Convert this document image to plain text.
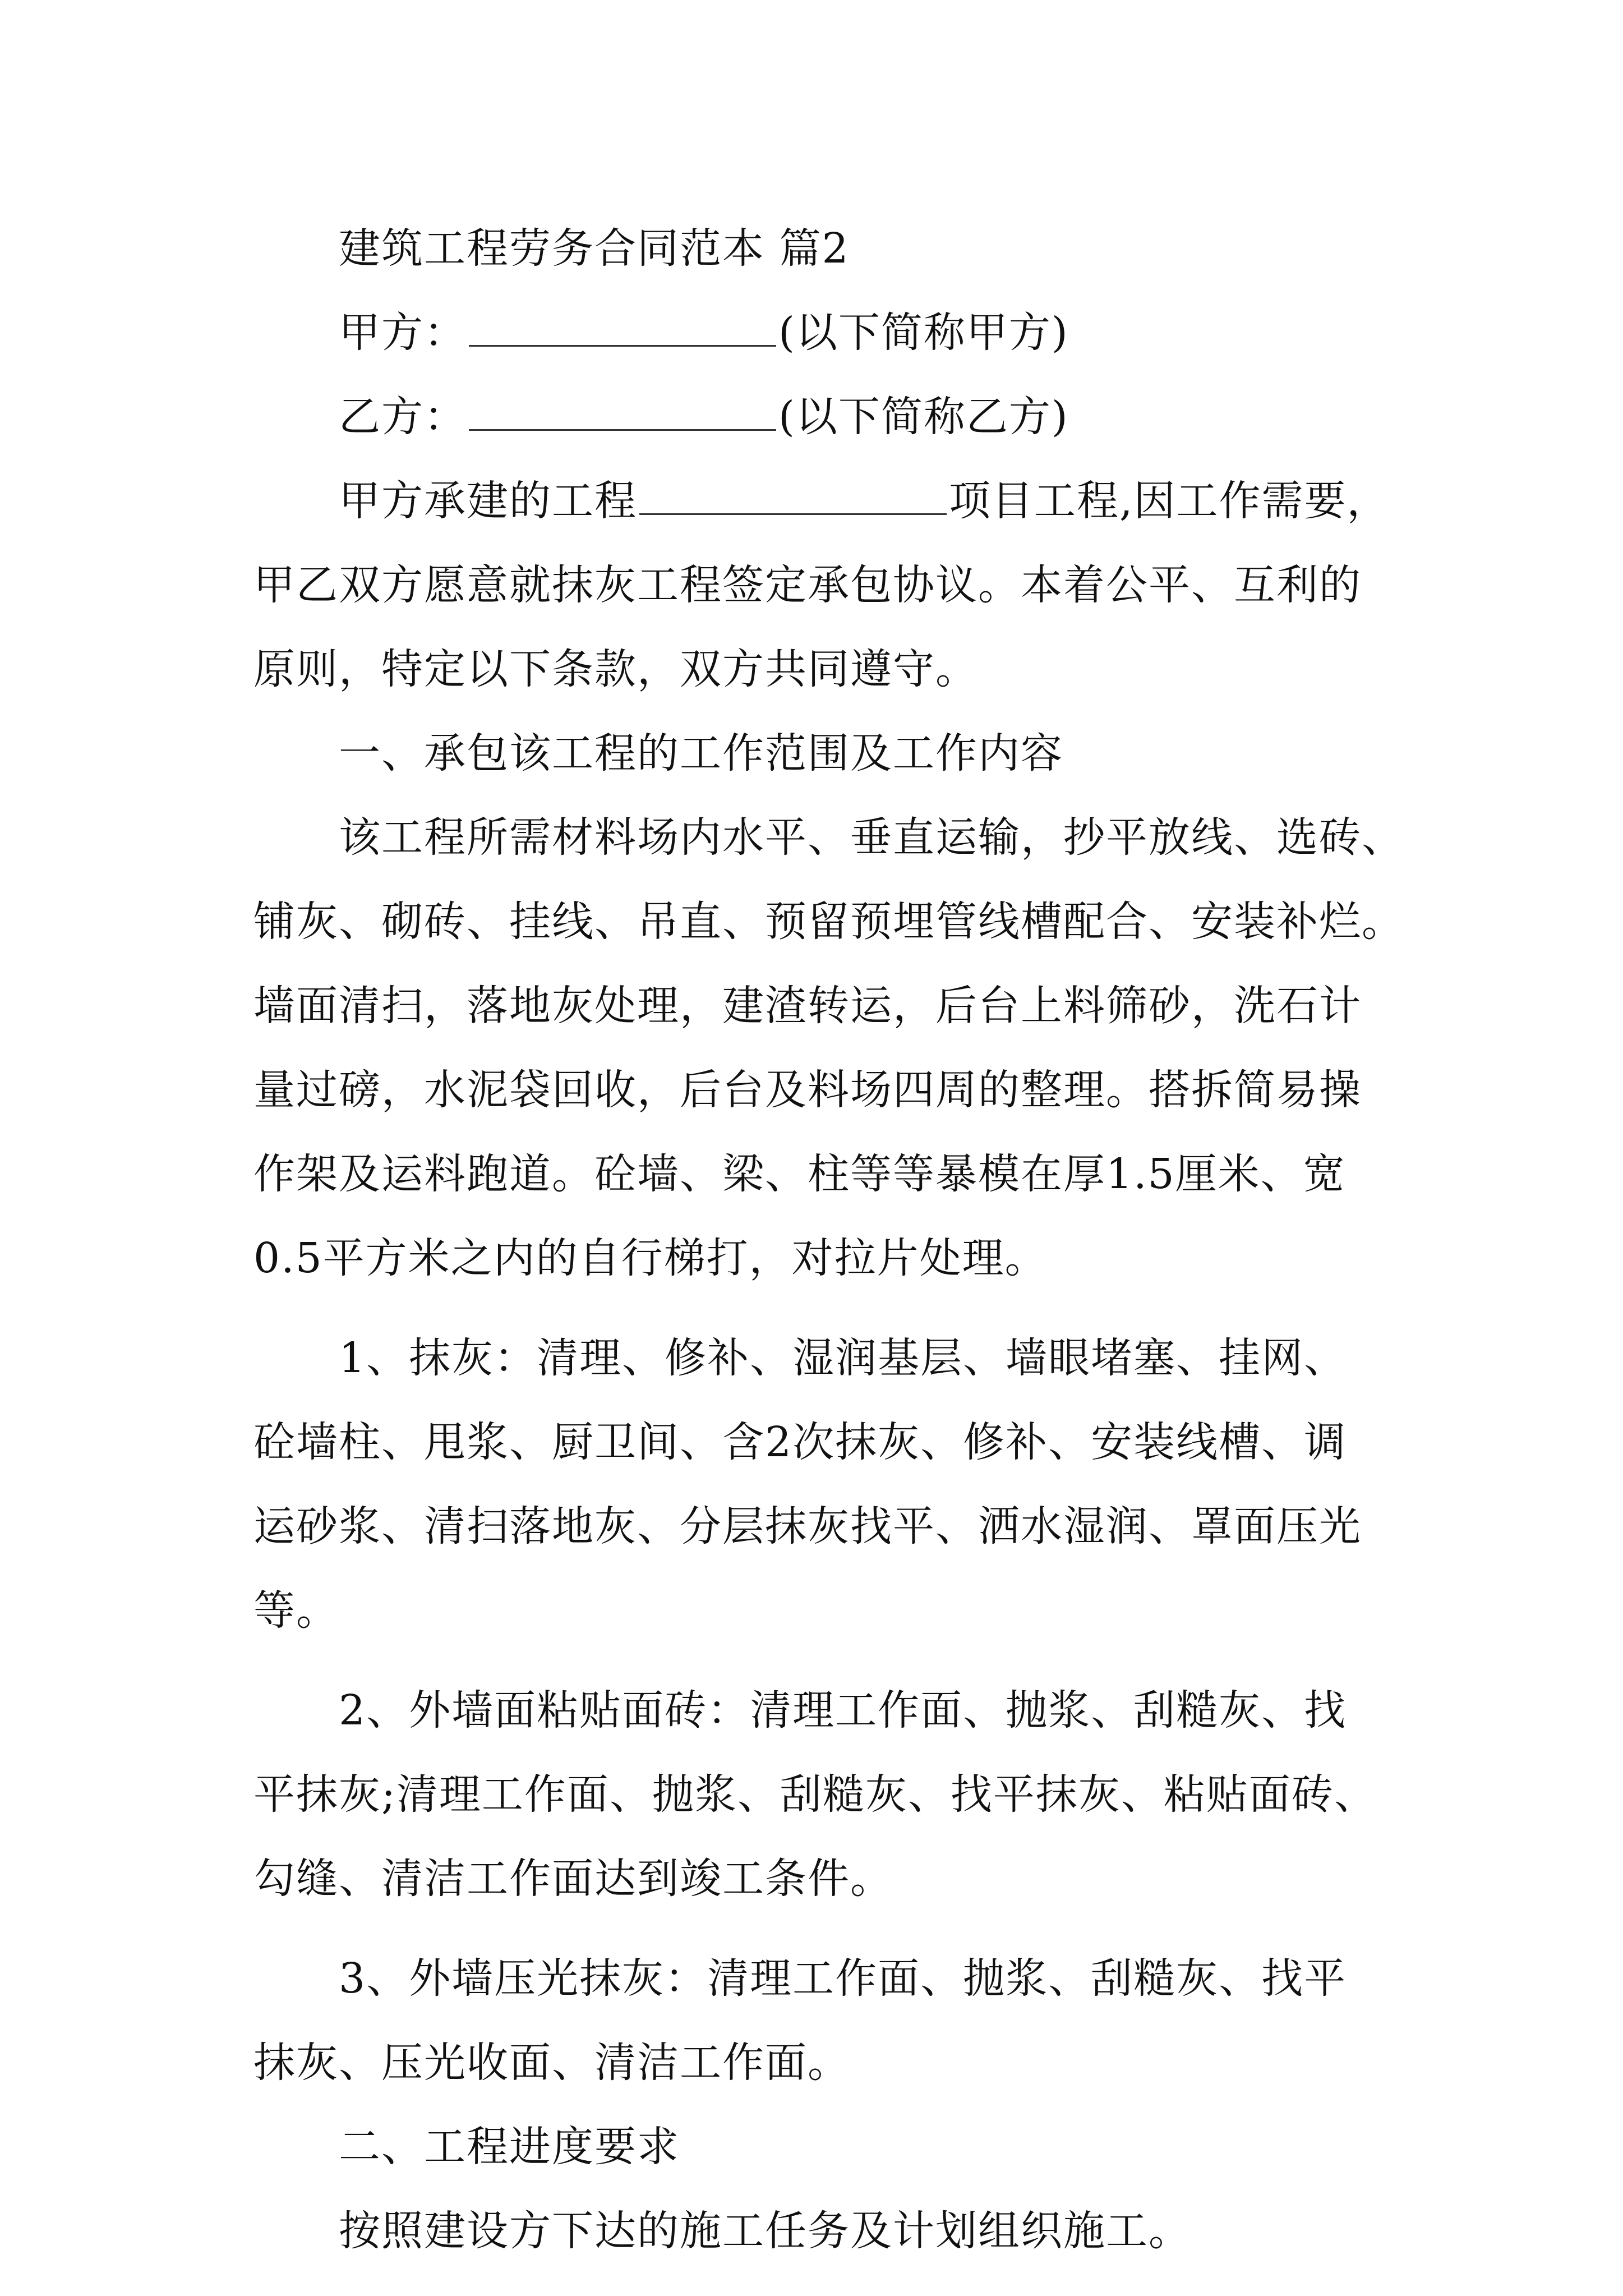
建筑工程劳务合同范本 篇2
甲方：	(以下简称甲方)
乙方：	(以下简称乙方)
甲方承建的工程	项目工程,因工作需要，
甲乙双方愿意就抹灰工程签定承包协议。本着公平、互利的
原则，特定以下条款，双方共同遵守。
一、承包该工程的工作范围及工作内容
该工程所需材料场内水平、垂直运输，抄平放线、选砖、
铺灰、砌砖、挂线、吊直、预留预埋管线槽配合、安装补烂。
墙面清扫，落地灰处理，建渣转运，后台上料筛砂，洗石计
量过磅，水泥袋回收，后台及料场四周的整理。搭拆简易操
作架及运料跑道。砼墙、梁、柱等等暴模在厚1.5厘米、宽
0.5平方米之内的自行梯打，对拉片处理。
1、抹灰：清理、修补、湿润基层、墙眼堵塞、挂网、
砼墙柱、甩浆、厨卫间、含2次抹灰、修补、安装线槽、调
运砂浆、清扫落地灰、分层抹灰找平、洒水湿润、罩面压光
等。
2、外墙面粘贴面砖：清理工作面、抛浆、刮糙灰、找
平抹灰;清理工作面、抛浆、刮糙灰、找平抹灰、粘贴面砖、
勾缝、清洁工作面达到竣工条件。
3、外墙压光抹灰：清理工作面、抛浆、刮糙灰、找平
抹灰、压光收面、清洁工作面。
二、工程进度要求
按照建设方下达的施工任务及计划组织施工。
